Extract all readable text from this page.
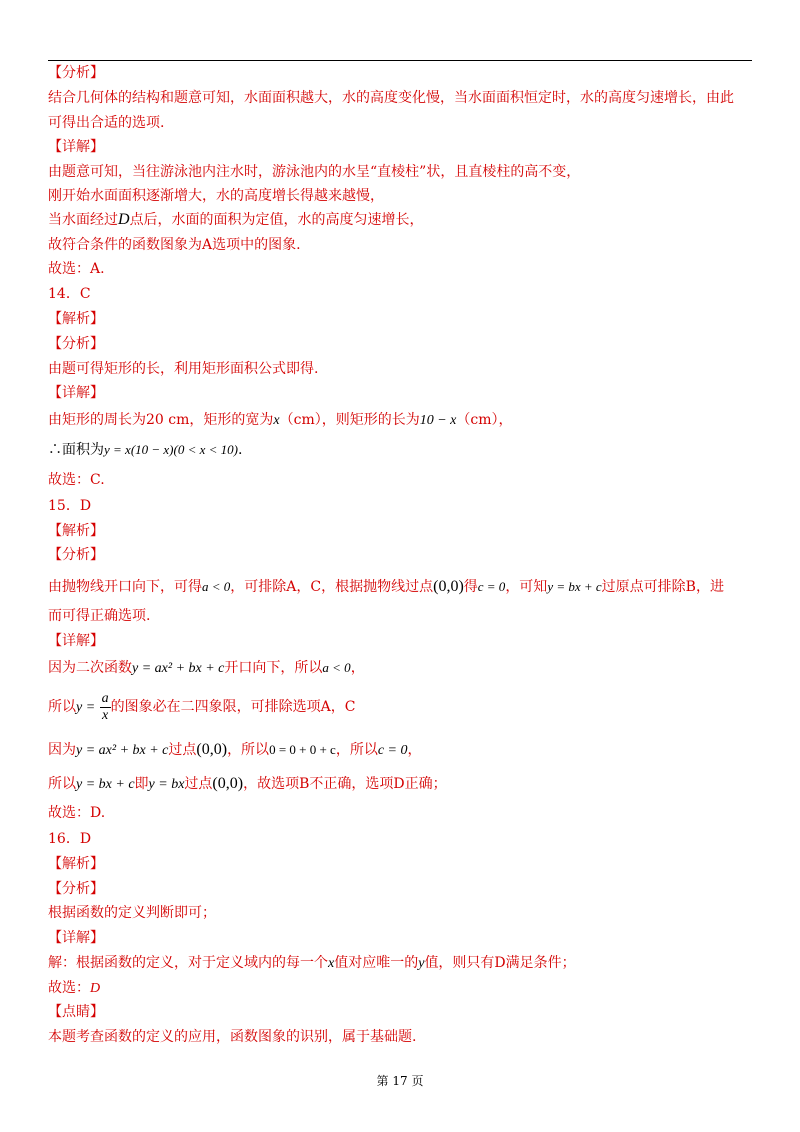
【分析】
结合几何体的结构和题意可知，水面面积越大，水的高度变化慢，当水面面积恒定时，水的高度匀速增长，由此
可得出合适的选项.
【详解】
由题意可知，当往游泳池内注水时，游泳池内的水呈“直棱柱”状，且直棱柱的高不变，
刚开始水面面积逐渐增大，水的高度增长得越来越慢，
当水面经过D点后，水面的面积为定值，水的高度匀速增长，
故符合条件的函数图象为A选项中的图象.
故选：A.
14．C
【解析】
【分析】
由题可得矩形的长，利用矩形面积公式即得.
【详解】
由矩形的周长为20 cm，矩形的宽为x（cm），则矩形的长为10 − x（cm），
∴面积为y = x(10 − x)(0 < x < 10).
故选：C.
15．D
【解析】
【分析】
由抛物线开口向下，可得a < 0，可排除A，C，根据抛物线过点(0,0)得c = 0，可知y = bx + c过原点可排除B，进
而可得正确选项.
【详解】
因为二次函数y = ax² + bx + c开口向下，所以a < 0，
所以$y = \frac{a}{x}$ 的图象必在二四象限，可排除选项A，C
因为y = ax² + bx + c过点(0,0)，所以0 = 0 + 0 + c，所以c = 0，
所以y = bx + c即y = bx过点(0,0)，故选项B不正确，选项D正确；
故选：D.
16．D
【解析】
【分析】
根据函数的定义判断即可；
【详解】
解：根据函数的定义，对于定义域内的每一个x值对应唯一的y值，则只有D满足条件；
故选：D
【点睛】
本题考查函数的定义的应用，函数图象的识别，属于基础题.
第 17 页
